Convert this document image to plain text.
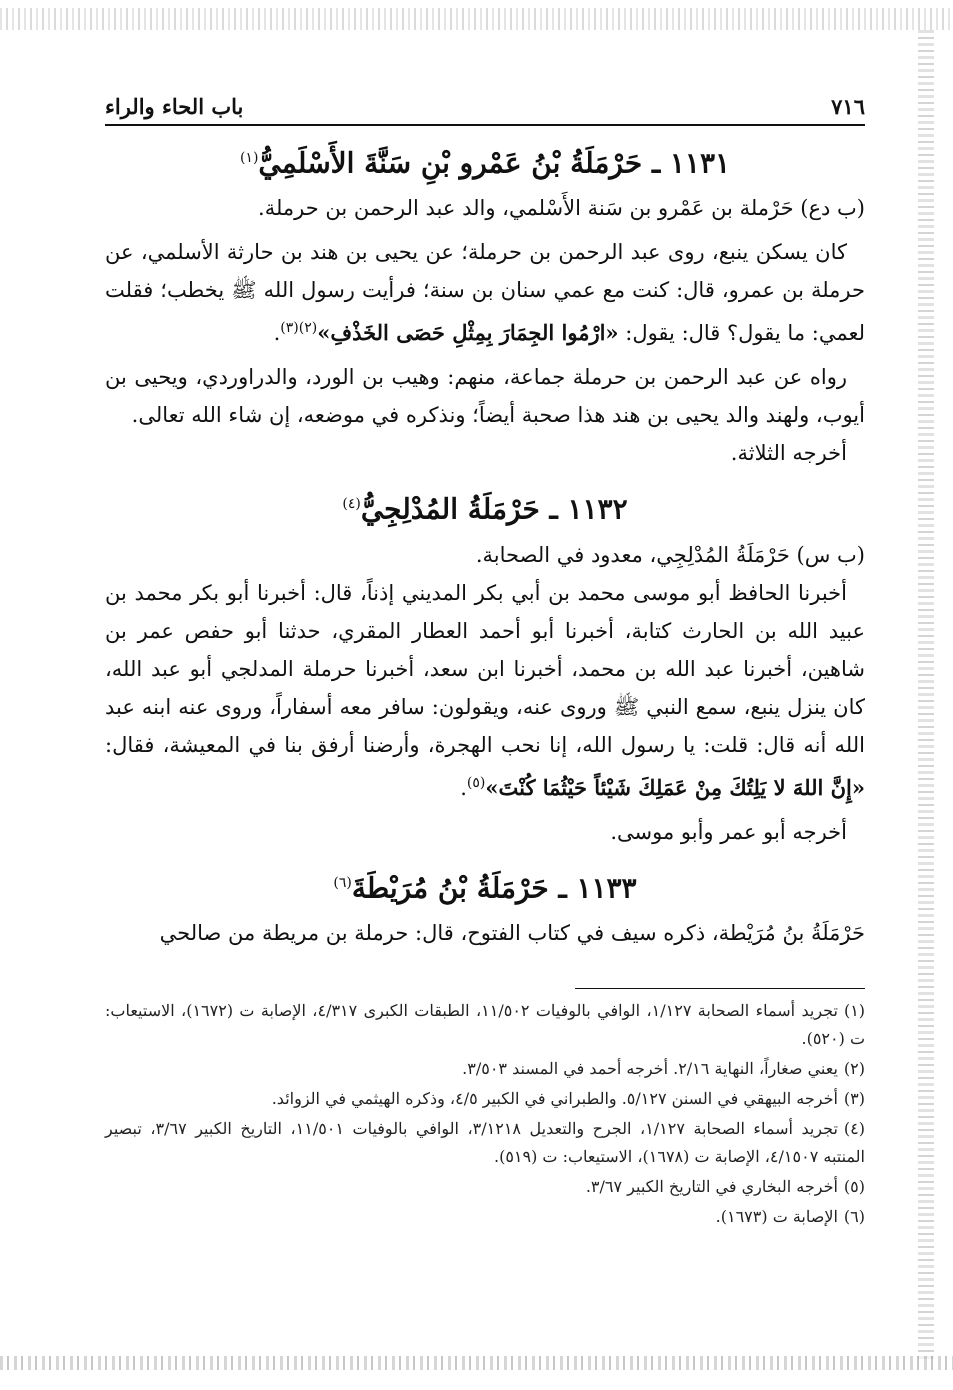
٧١٦
باب الحاء والراء
١١٣١ ـ حَرْمَلَةُ بْنُ عَمْرو بْنِ سَنَّةَ الأَسْلَمِيُّ$^{(١)}$

(ب دع) حَرْملة بن عَمْرو بن سَنة الأَسْلمي، والد عبد الرحمن بن حرملة.

كان يسكن ينبع، روى عبد الرحمن بن حرملة؛ عن يحيى بن هند بن حارثة الأسلمي، عن حرملة بن عمرو، قال: كنت مع عمي سنان بن سنة؛ فرأيت رسول الله ﷺ يخطب؛ فقلت لعمي: ما يقول؟ قال: يقول: «ارْمُوا الجِمَارَ بِمِثْلِ حَصَى الخَذْفِ»$^{(٢)(٣)}$.

رواه عن عبد الرحمن بن حرملة جماعة، منهم: وهيب بن الورد، والدراوردي، ويحيى بن أيوب، ولهند والد يحيى بن هند هذا صحبة أيضاً؛ ونذكره في موضعه، إن شاء الله تعالى.

أخرجه الثلاثة.

١١٣٢ ـ حَرْمَلَةُ المُدْلِجِيُّ$^{(٤)}$

(ب س) حَرْمَلَةُ المُدْلِجِي، معدود في الصحابة.

أخبرنا الحافظ أبو موسى محمد بن أبي بكر المديني إذناً، قال: أخبرنا أبو بكر محمد بن عبيد الله بن الحارث كتابة، أخبرنا أبو أحمد العطار المقري، حدثنا أبو حفص عمر بن شاهين، أخبرنا عبد الله بن محمد، أخبرنا ابن سعد، أخبرنا حرملة المدلجي أبو عبد الله، كان ينزل ينبع، سمع النبي ﷺ وروى عنه، ويقولون: سافر معه أسفاراً، وروى عنه ابنه عبد الله أنه قال: قلت: يا رسول الله، إنا نحب الهجرة، وأرضنا أرفق بنا في المعيشة، فقال: «إِنَّ اللهَ لا يَلِتُكَ مِنْ عَمَلِكَ شَيْئاً حَيْثُمَا كُنْتَ»$^{(٥)}$.

أخرجه أبو عمر وأبو موسى.

١١٣٣ ـ حَرْمَلَةُ بْنُ مُرَيْطَةَ$^{(٦)}$

حَرْمَلَةُ بنُ مُرَيْطة، ذكره سيف في كتاب الفتوح، قال: حرملة بن مريطة من صالحي

(١)تجريد أسماء الصحابة ١/١٢٧، الوافي بالوفيات ١١/٥٠٢، الطبقات الكبرى ٤/٣١٧، الإصابة ت (١٦٧٢)، الاستيعاب: ت (٥٢٠).

(٢)يعني صغاراً، النهاية ٢/١٦. أخرجه أحمد في المسند ٣/٥٠٣.

(٣)أخرجه البيهقي في السنن ٥/١٢٧. والطبراني في الكبير ٤/٥، وذكره الهيثمي في الزوائد.

(٤)تجريد أسماء الصحابة ١/١٢٧، الجرح والتعديل ٣/١٢١٨، الوافي بالوفيات ١١/٥٠١، التاريخ الكبير ٣/٦٧، تبصير المنتبه ٤/١٥٠٧، الإصابة ت (١٦٧٨)، الاستيعاب: ت (٥١٩).

(٥)أخرجه البخاري في التاريخ الكبير ٣/٦٧.

(٦)الإصابة ت (١٦٧٣).
